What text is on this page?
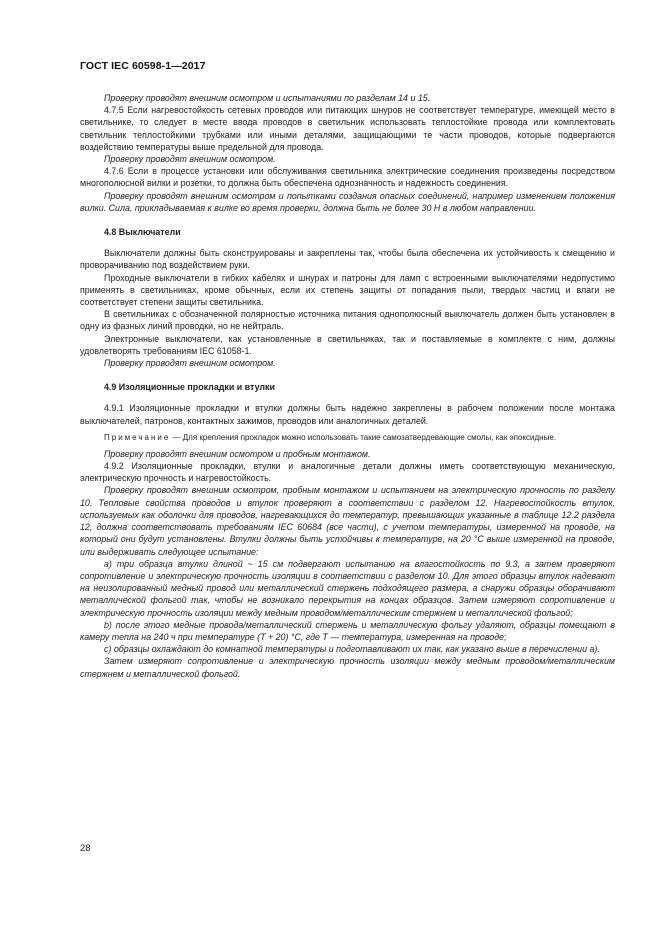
ГОСТ IEC 60598-1—2017

Проверку проводят внешним осмотром и испытаниями по разделам 14 и 15.

4.7.5 Если нагревостойкость сетевых проводов или питающих шнуров не соответствует температуре, имеющей место в светильнике, то следует в месте ввода проводов в светильник использовать теплостойкие провода или комплектовать светильник теплостойкими трубками или иными деталями, защищающими те части проводов, которые подвергаются воздействию температуры выше предельной для провода.

Проверку проводят внешним осмотром.

4.7.6 Если в процессе установки или обслуживания светильника электрические соединения произведены посредством многополюсной вилки и розетки, то должна быть обеспечена однозначность и надежность соединения.

Проверку проводят внешним осмотром и попытками создания опасных соединений, например изменением положения вилки. Сила, прикладываемая к вилке во время проверки, должна быть не более 30 Н в любом направлении.

4.8 Выключатели

Выключатели должны быть сконструированы и закреплены так, чтобы была обеспечена их устойчивость к смещению и проворачиванию под воздействием руки.

Проходные выключатели в гибких кабелях и шнурах и патроны для ламп с встроенными выключателями недопустимо применять в светильниках, кроме обычных, если их степень защиты от попадания пыли, твердых частиц и влаги не соответствует степени защиты светильника.

В светильниках с обозначенной полярностью источника питания однополюсный выключатель должен быть установлен в одну из фазных линий проводки, но не нейтраль.

Электронные выключатели, как установленные в светильниках, так и поставляемые в комплекте с ним, должны удовлетворять требованиям IEC 61058-1.

Проверку проводят внешним осмотром.

4.9 Изоляционные прокладки и втулки

4.9.1 Изоляционные прокладки и втулки должны быть надежно закреплены в рабочем положении после монтажа выключателей, патронов, контактных зажимов, проводов или аналогичных деталей.

Примечание — Для крепления прокладок можно использовать такие самозатвердевающие смолы, как эпоксидные.

Проверку проводят внешним осмотром и пробным монтажом.

4.9.2 Изоляционные прокладки, втулки и аналогичные детали должны иметь соответствующую механическую, электрическую прочность и нагревостойкость.

Проверку проводят внешним осмотром, пробным монтажом и испытанием на электрическую прочность по разделу 10. Тепловые свойства проводов и втулок проверяют в соответствии с разделом 12. Нагревостойкость втулок, используемых как оболочки для проводов, нагревающихся до температур, превышающих указанные в таблице 12.2 раздела 12, должна соответствовать требованиям IEC 60684 (все части), с учетом температуры, измеренной на проводе, на который они будут установлены. Втулки должны быть устойчивы к температуре, на 20 °С выше измеренной на проводе, или выдерживать следующее испытание:

a) три образца втулки длиной ~ 15 см подвергают испытанию на влагостойкость по 9.3, а затем проверяют сопротивление и электрическую прочность изоляции в соответствии с разделом 10. Для этого образцы втулок надевают на неизолированный медный провод или металлический стержень подходящего размера, а снаружи образцы оборачивают металлической фольгой так, чтобы не возникало перекрытия на концах образцов. Затем измеряют сопротивление и электрическую прочность изоляции между медным проводом/металлическим стержнем и металлической фольгой;

b) после этого медные провода/металлический стержень и металлическую фольгу удаляют, образцы помещают в камеру тепла на 240 ч при температуре (T + 20) °C, где T — температура, измеренная на проводе;

c) образцы охлаждают до комнатной температуры и подготавливают их так, как указано выше в перечислении a).

Затем измеряют сопротивление и электрическую прочность изоляции между медным проводом/металлическим стержнем и металлической фольгой.

28
